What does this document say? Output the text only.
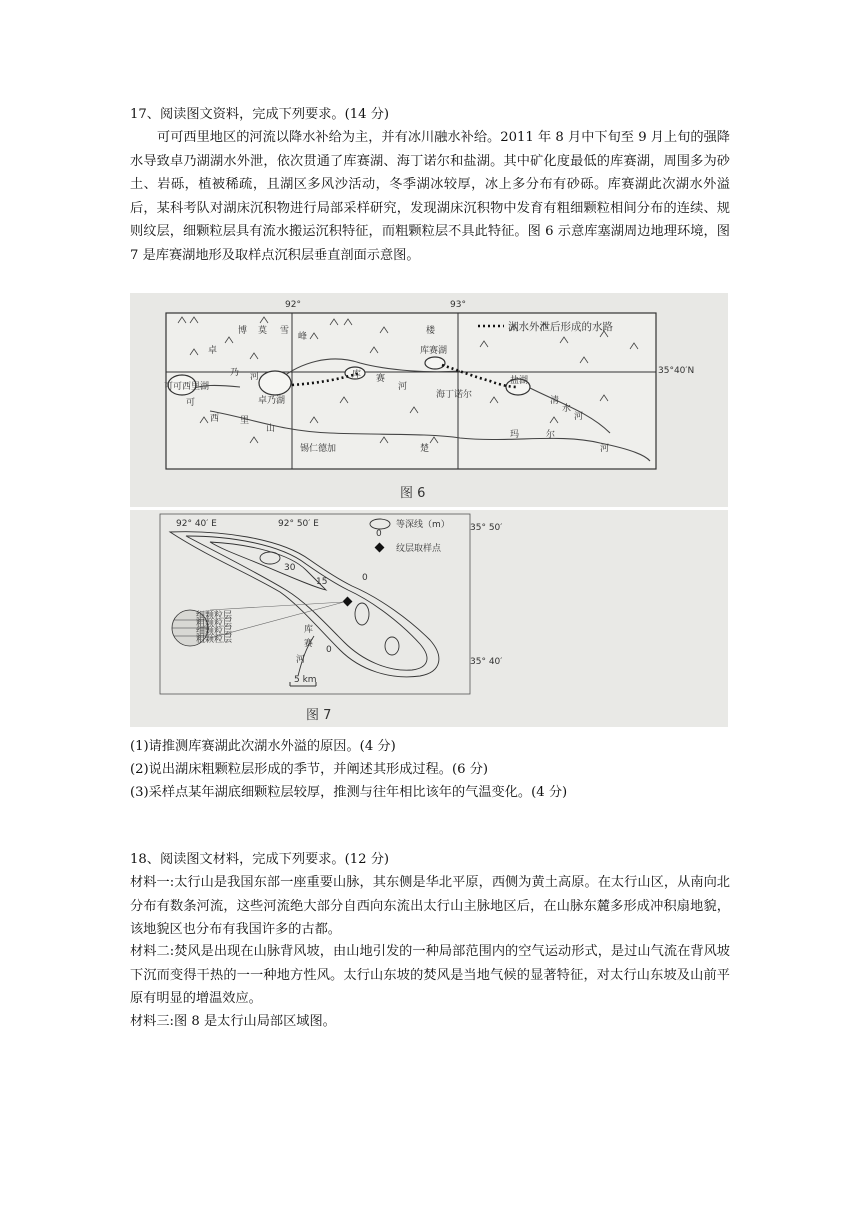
17、阅读图文资料，完成下列要求。(14 分)
可可西里地区的河流以降水补给为主，并有冰川融水补给。2011 年 8 月中下旬至 9 月上旬的强降水导致卓乃湖湖水外泄，依次贯通了库赛湖、海丁诺尔和盐湖。其中矿化度最低的库赛湖，周围多为砂土、岩砾，植被稀疏，且湖区多风沙活动，冬季湖冰较厚，冰上多分布有砂砾。库赛湖此次湖水外溢后，某科考队对湖床沉积物进行局部采样研究，发现湖床沉积物中发育有粗细颗粒相间分布的连续、规则纹层，细颗粒层具有流水搬运沉积特征，而粗颗粒层不具此特征。图 6 示意库塞湖周边地理环境，图 7 是库赛湖地形及取样点沉积层垂直剖面示意图。
湖水外泄后形成的水路
92°	93°
35°40′N
可可西里湖
卓乃湖
库赛湖
海丁诺尔
盐湖
卓
乃 河
可
西 里
山
库 赛
河
清
水
河
楚
玛	尔
河
雪
峰
莫	楼
锡仁德加
博
图 6
92° 40′ E	92° 50′ E	35° 50′
35° 40′
0
15
30
0
细颗粒层
粗颗粒层
细颗粒层
粗颗粒层
库
赛
河
0
等深线（m）
纹层取样点
5 km
图 7
(1)请推测库赛湖此次湖水外溢的原因。(4 分)
(2)说出湖床粗颗粒层形成的季节，并阐述其形成过程。(6 分)
(3)采样点某年湖底细颗粒层较厚，推测与往年相比该年的气温变化。(4 分)
18、阅读图文材料，完成下列要求。(12 分)
材料一:太行山是我国东部一座重要山脉，其东侧是华北平原，西侧为黄土高原。在太行山区，从南向北分布有数条河流，这些河流绝大部分自西向东流出太行山主脉地区后，在山脉东麓多形成冲积扇地貌，该地貌区也分布有我国许多的古都。
材料二:焚风是出现在山脉背风坡，由山地引发的一种局部范围内的空气运动形式，是过山气流在背风坡下沉而变得干热的一一种地方性风。太行山东坡的焚风是当地气候的显著特征，对太行山东坡及山前平原有明显的增温效应。
材料三:图 8 是太行山局部区域图。
